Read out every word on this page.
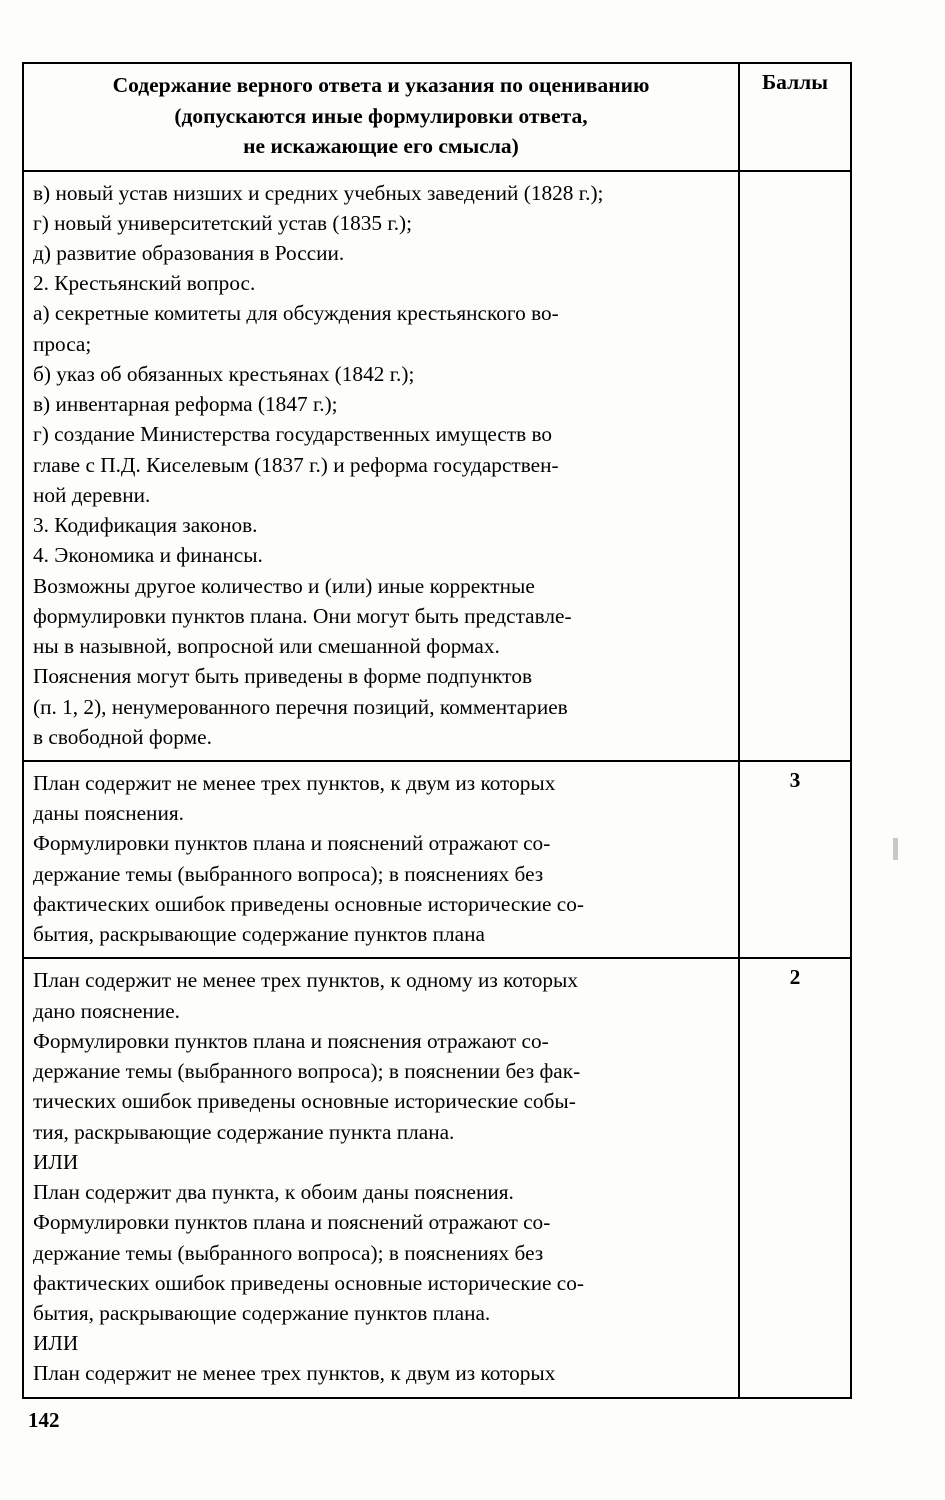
Содержание верного ответа и указания по оцениванию
(допускаются иные формулировки ответа,
не искажающие его смысла)	Баллы

в) новый устав низших и средних учебных заведений (1828 г.);
г) новый университетский устав (1835 г.);
д) развитие образования в России.
2. Крестьянский вопрос.
а) секретные комитеты для обсуждения крестьянского во-
проса;
б) указ об обязанных крестьянах (1842 г.);
в) инвентарная реформа (1847 г.);
г) создание Министерства государственных имуществ во
главе с П.Д. Киселевым (1837 г.) и реформа государствен-
ной деревни.
3. Кодификация законов.
4. Экономика и финансы.
Возможны другое количество и (или) иные корректные
формулировки пунктов плана. Они могут быть представле-
ны в назывной, вопросной или смешанной формах.
Пояснения могут быть приведены в форме подпунктов
(п. 1, 2), ненумерованного перечня позиций, комментариев
в свободной форме.

План содержит не менее трех пунктов, к двум из которых
даны пояснения.
Формулировки пунктов плана и пояснений отражают со-
держание темы (выбранного вопроса); в пояснениях без
фактических ошибок приведены основные исторические со-
бытия, раскрывающие содержание пунктов плана
	3

План содержит не менее трех пунктов, к одному из которых
дано пояснение.
Формулировки пунктов плана и пояснения отражают со-
держание темы (выбранного вопроса); в пояснении без фак-
тических ошибок приведены основные исторические собы-
тия, раскрывающие содержание пункта плана.
ИЛИ
План содержит два пункта, к обоим даны пояснения.
Формулировки пунктов плана и пояснений отражают со-
держание темы (выбранного вопроса); в пояснениях без
фактических ошибок приведены основные исторические со-
бытия, раскрывающие содержание пунктов плана.
ИЛИ
План содержит не менее трех пунктов, к двум из которых
	2
142
